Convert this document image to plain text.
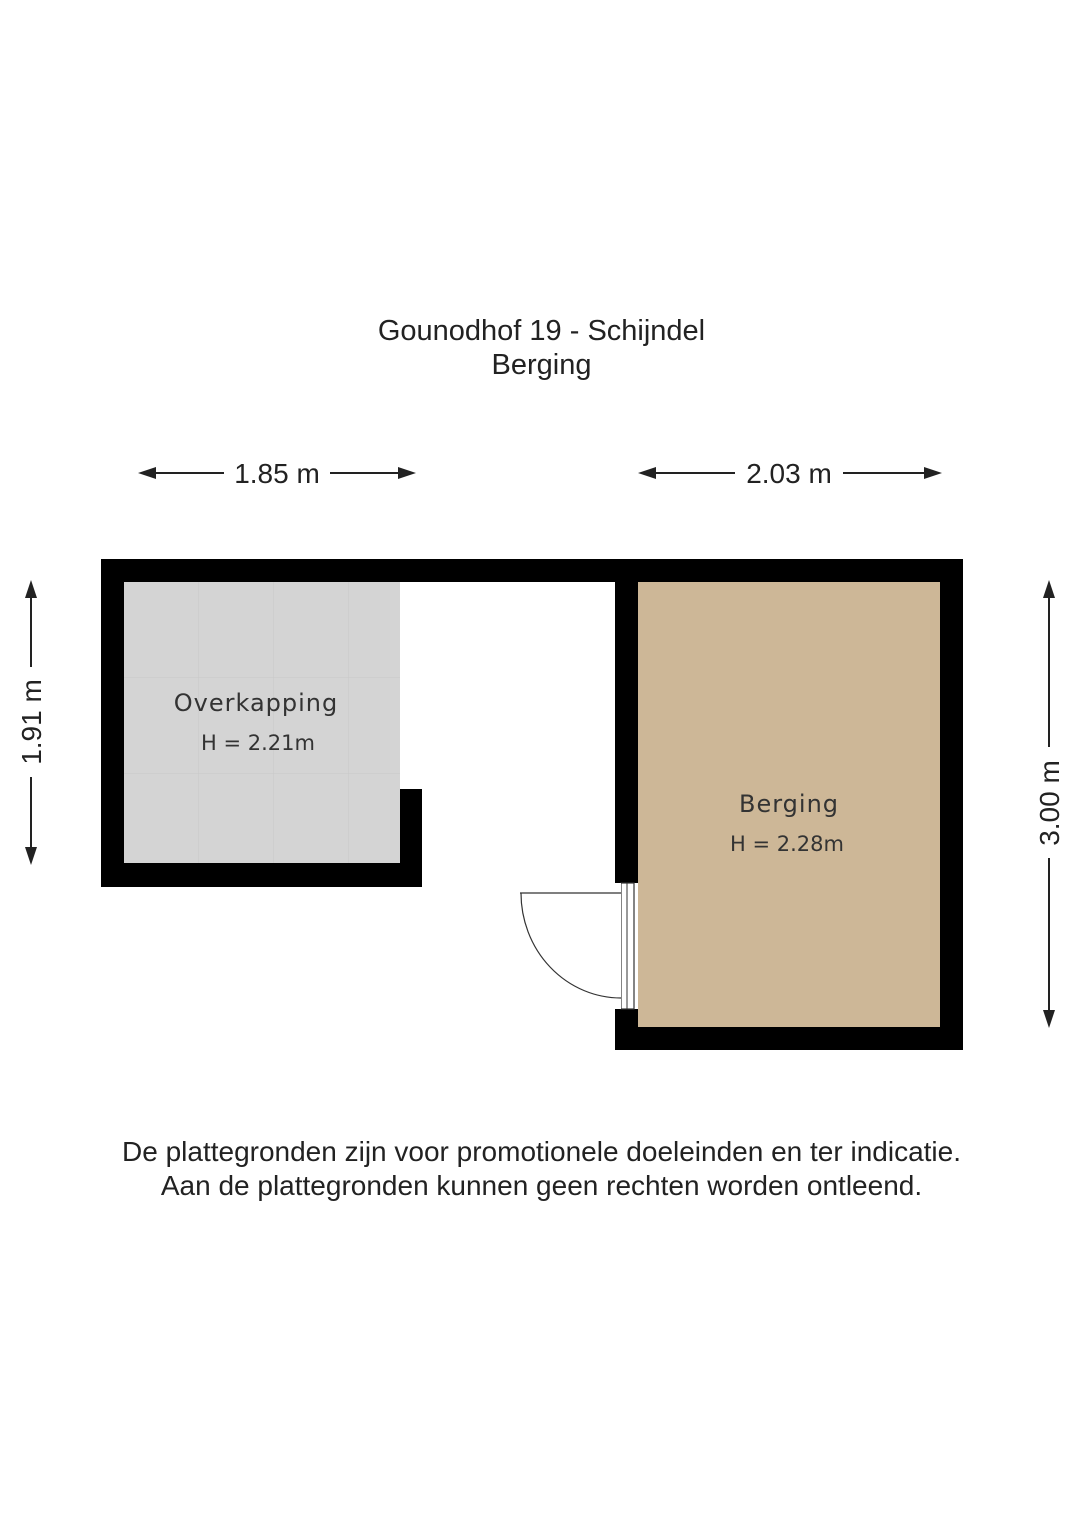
Gounodhof 19 - Schijndel
Berging
1.85 m	2.03 m
1.91 m
3.00 m
Overkapping
H = 2.21m
Berging
H = 2.28m
De plattegronden zijn voor promotionele doeleinden en ter indicatie.
Aan de plattegronden kunnen geen rechten worden ontleend.
